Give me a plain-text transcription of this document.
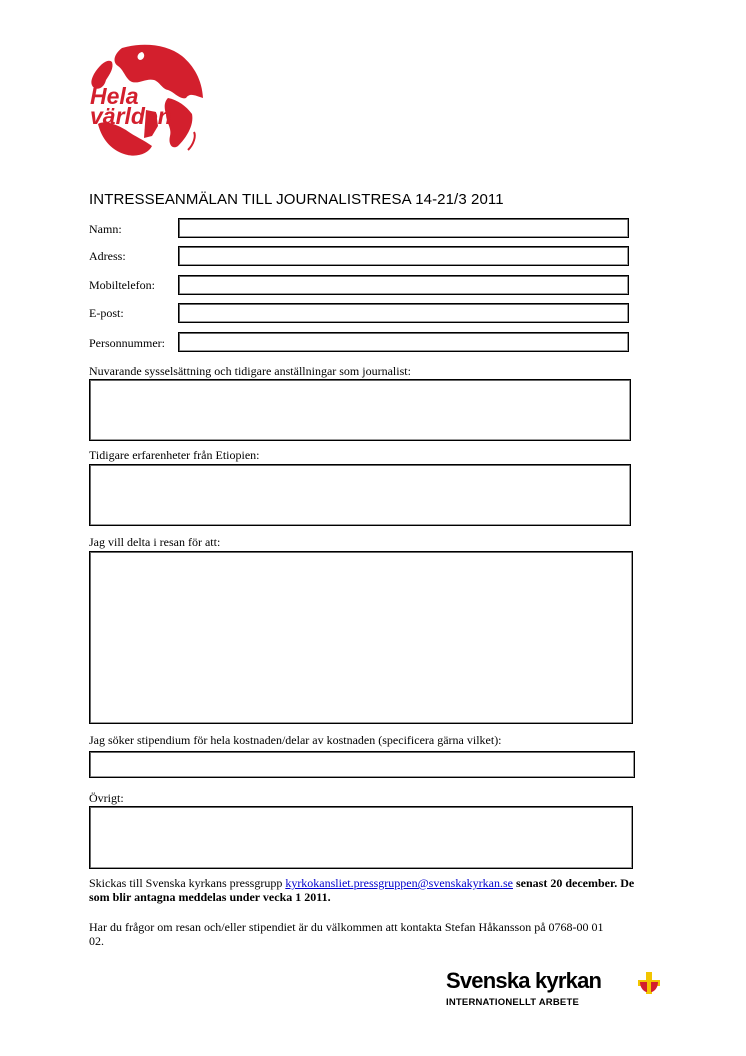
Hela
världen
INTRESSEANMÄLAN TILL JOURNALISTRESA 14-21/3 2011
Namn:
Adress:
Mobiltelefon:
E-post:
Personnummer:
Nuvarande sysselsättning och tidigare anställningar som journalist:
Tidigare erfarenheter från Etiopien:
Jag vill delta i resan för att:
Jag söker stipendium för hela kostnaden/delar av kostnaden (specificera gärna vilket):
Övrigt:
Skickas till Svenska kyrkans pressgrupp kyrkokansliet.pressgruppen@svenskakyrkan.se senast 20 december. De som blir antagna meddelas under vecka 1 2011.
Har du frågor om resan och/eller stipendiet är du välkommen att kontakta Stefan Håkansson på 0768-00 01 02.
Svenska kyrkan
INTERNATIONELLT ARBETE
